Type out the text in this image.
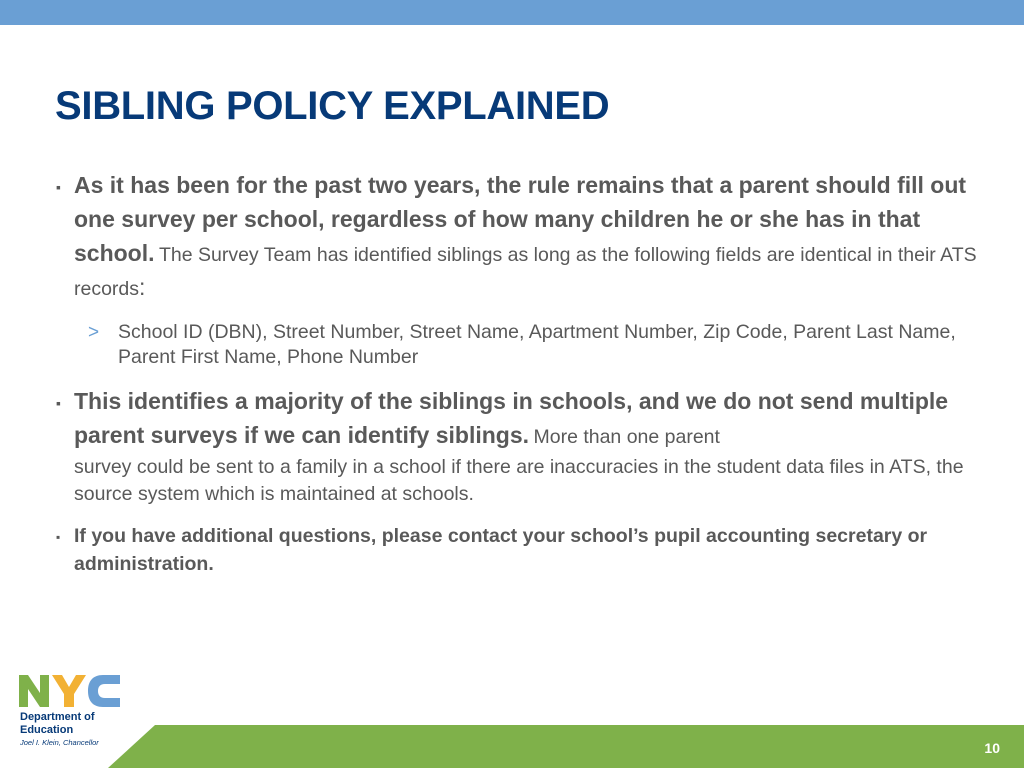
SIBLING POLICY EXPLAINED
▪ As it has been for the past two years, the rule remains that a parent should fill out one survey per school, regardless of how many children he or she has in that school. The Survey Team has identified siblings as long as the following fields are identical in their ATS records:
> School ID (DBN), Street Number, Street Name, Apartment Number, Zip Code, Parent Last Name, Parent First Name, Phone Number
▪ This identifies a majority of the siblings in schools, and we do not send multiple parent surveys if we can identify siblings. More than one parent
survey could be sent to a family in a school if there are inaccuracies in the student data files in ATS, the source system which is maintained at schools.
▪ If you have additional questions, please contact your school’s pupil accounting secretary or administration.
Department of
Education
Joel I. Klein, Chancellor	10
